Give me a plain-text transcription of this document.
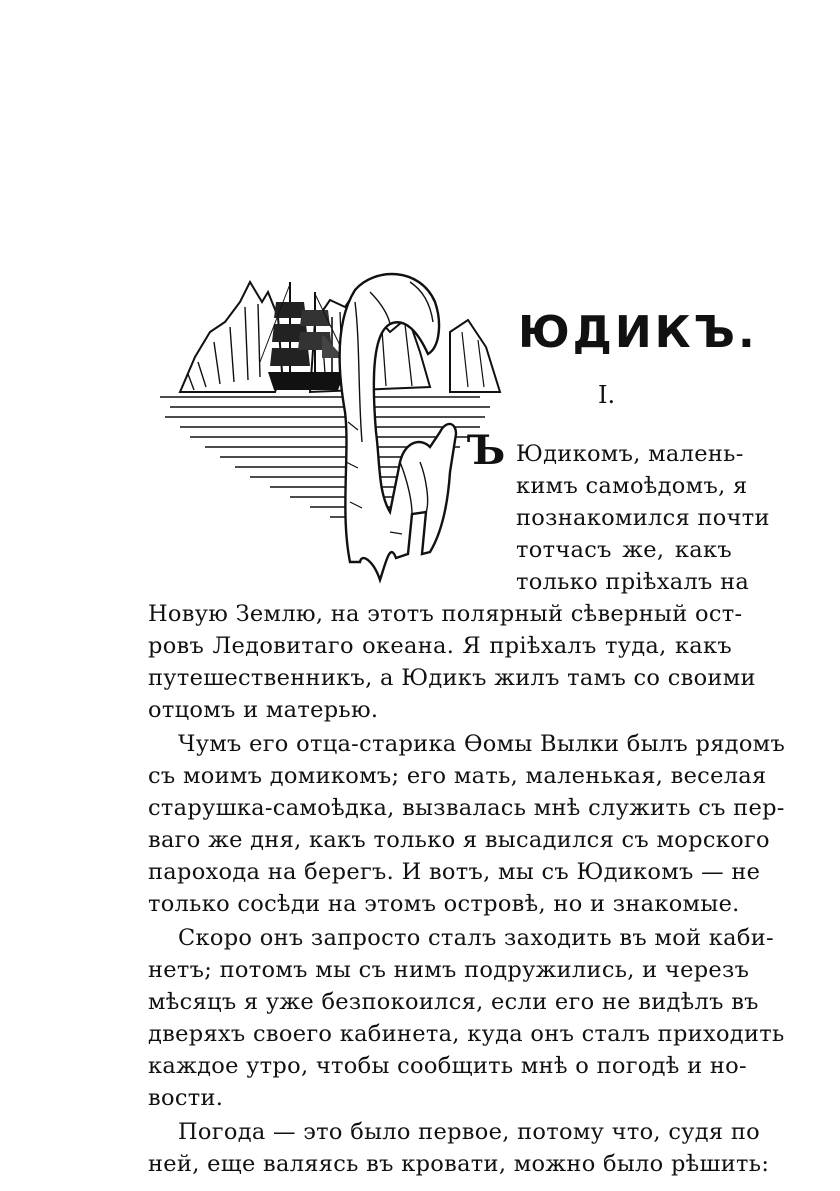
Ъ
ЮДИКЪ.
I.
Юдикомъ, малень-
кимъ самоѣдомъ, я
познакомился почти
тотчасъ же, какъ
только пріѣхалъ на
Новую Землю, на этотъ полярный сѣверный ост-
ровъ Ледовитаго океана. Я пріѣхалъ туда, какъ
путешественникъ, а Юдикъ жилъ тамъ со своими
отцомъ и матерью.
Чумъ его отца-старика Ѳомы Вылки былъ рядомъ
съ моимъ домикомъ; его мать, маленькая, веселая
старушка-самоѣдка, вызвалась мнѣ служить съ пер-
ваго же дня, какъ только я высадился съ морского
парохода на берегъ. И вотъ, мы съ Юдикомъ — не
только сосѣди на этомъ островѣ, но и знакомые.
Скоро онъ запросто сталъ заходить въ мой каби-
нетъ; потомъ мы съ нимъ подружились, и черезъ
мѣсяцъ я уже безпокоился, если его не видѣлъ въ
дверяхъ своего кабинета, куда онъ сталъ приходить
каждое утро, чтобы сообщить мнѣ о погодѣ и но-
вости.
Погода — это было первое, потому что, судя по
ней, еще валяясь въ кровати, можно было рѣшить:
